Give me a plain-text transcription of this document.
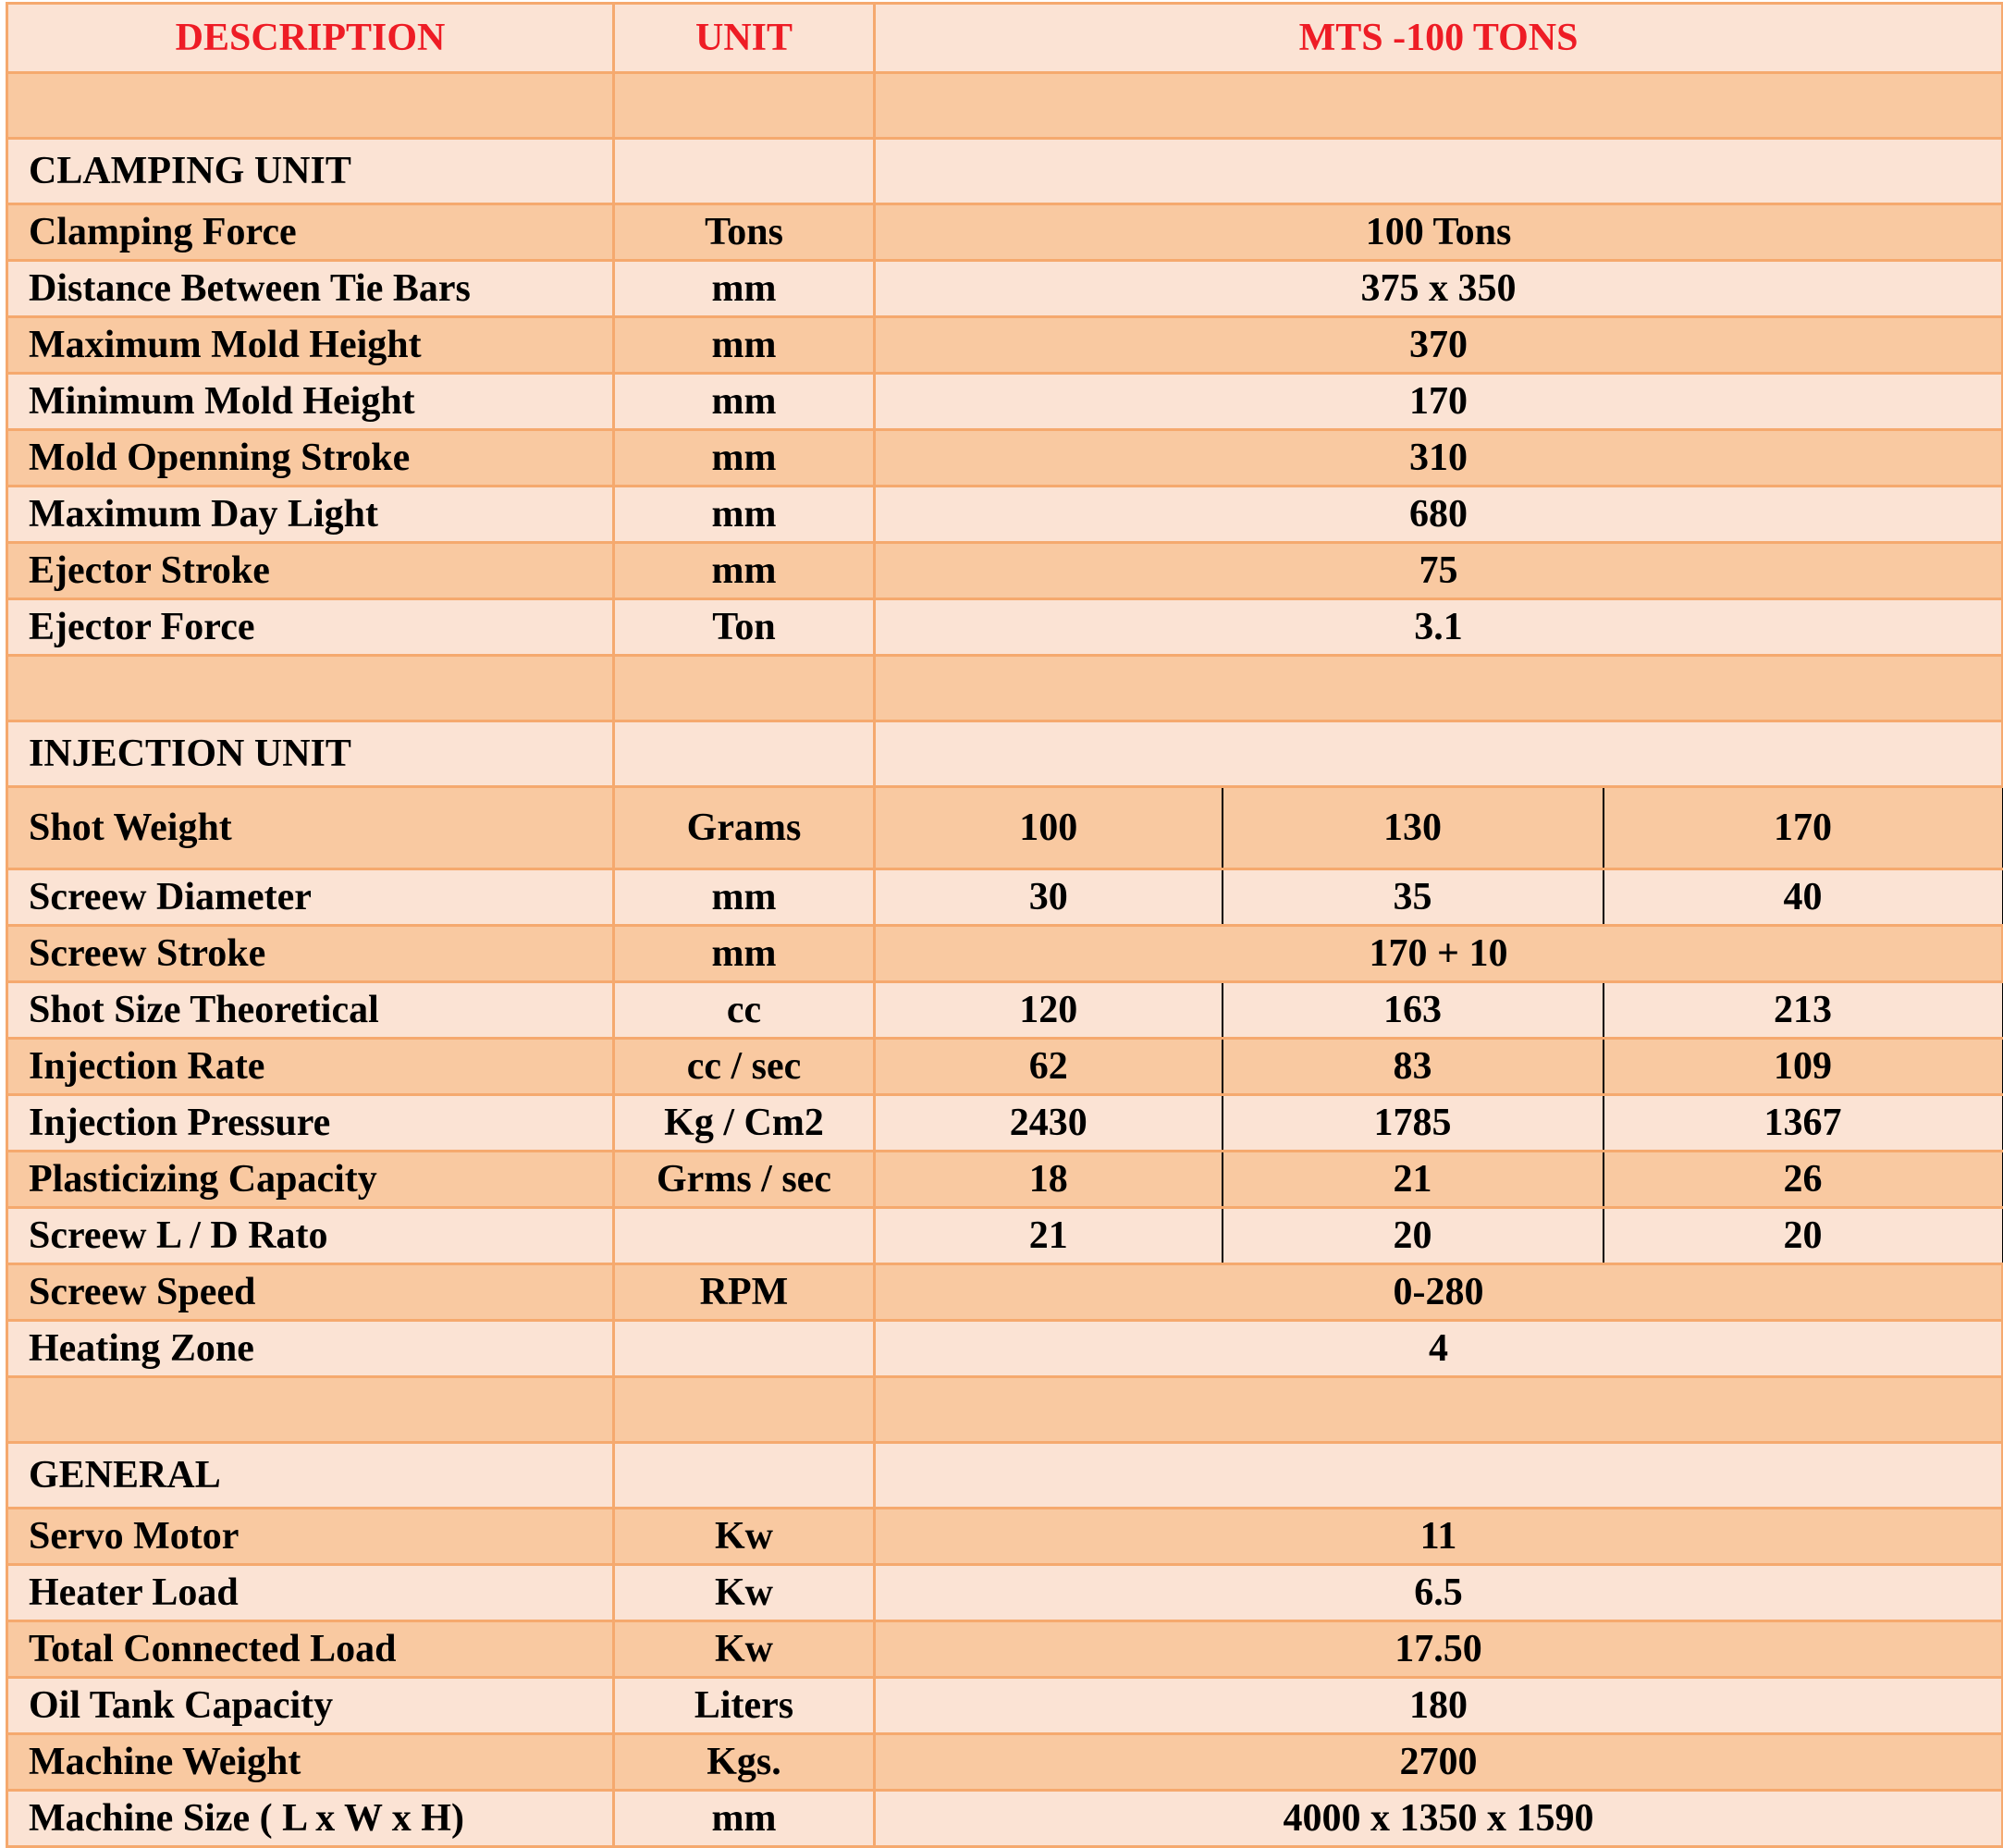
DESCRIPTION	UNIT	MTS -100 TONS		

CLAMPING UNIT				
Clamping Force	Tons	100 Tons		
Distance Between Tie Bars	mm	375 x 350		
Maximum Mold Height	mm	370		
Minimum Mold Height	mm	170		
Mold Openning Stroke	mm	310		
Maximum Day Light	mm	680		
Ejector Stroke	mm	75		
Ejector Force	Ton	3.1		

INJECTION UNIT				
Shot Weight	Grams	100	130	170
Screew Diameter	mm	30	35	40
Screew Stroke	mm	170 + 10		
Shot Size Theoretical	cc	120	163	213
Injection Rate	cc / sec	62	83	109
Injection Pressure	Kg / Cm2	2430	1785	1367
Plasticizing Capacity	Grms / sec	18	21	26
Screew L / D Rato		21	20	20
Screew Speed	RPM	0-280		
Heating Zone		4		

GENERAL				
Servo Motor	Kw	11		
Heater Load	Kw	6.5		
Total Connected Load	Kw	17.50		
Oil Tank Capacity	Liters	180		
Machine Weight	Kgs.	2700		
Machine Size ( L x W x H)	mm	4000 x 1350 x 1590		
